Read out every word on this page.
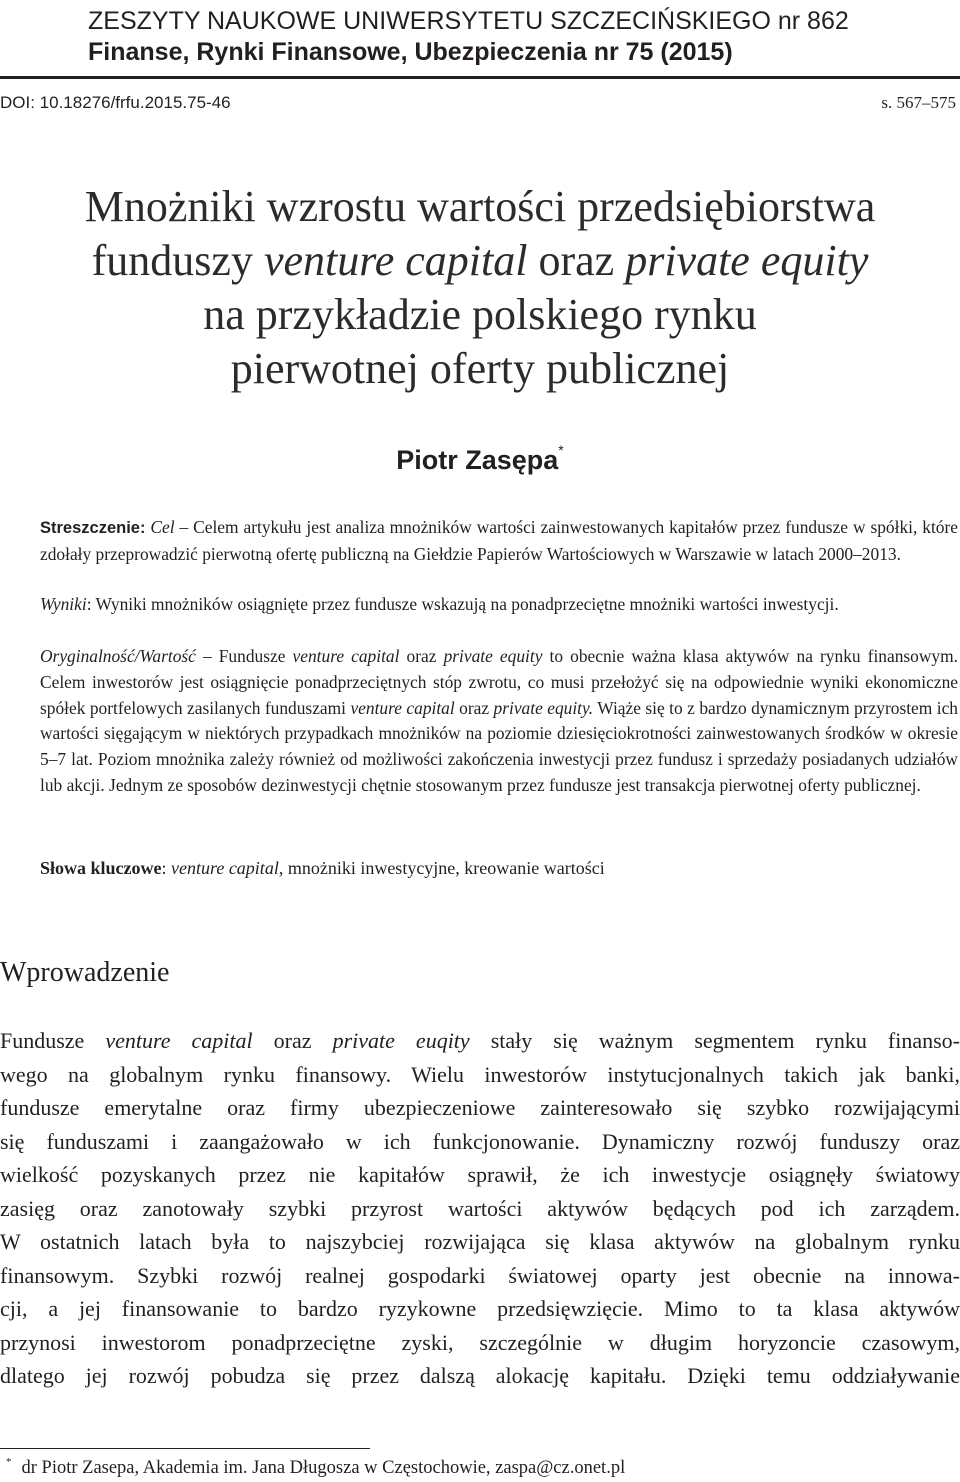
ZESZYTY NAUKOWE UNIWERSYTETU SZCZECIŃSKIEGO nr 862
Finanse, Rynki Finansowe, Ubezpieczenia nr 75 (2015)
DOI: 10.18276/frfu.2015.75-46	s. 567–575
Mnożniki wzrostu wartości przedsiębiorstwa
funduszy venture capital oraz private equity
na przykładzie polskiego rynku
pierwotnej oferty publicznej
Piotr Zasępa*
Streszczenie: Cel – Celem artykułu jest analiza mnożników wartości zainwestowanych kapitałów przez fundusze w spółki, które zdołały przeprowadzić pierwotną ofertę publiczną na Giełdzie Papierów Wartościowych w Warszawie w latach 2000–2013.
Wyniki: Wyniki mnożników osiągnięte przez fundusze wskazują na ponadprzeciętne mnożniki wartości inwestycji.
Oryginalność/Wartość – Fundusze venture capital oraz private equity to obecnie ważna klasa aktywów na rynku finansowym. Celem inwestorów jest osiągnięcie ponadprzeciętnych stóp zwrotu, co musi przełożyć się na odpowiednie wyniki ekonomiczne spółek portfelowych zasilanych funduszami venture capital oraz private equity. Wiąże się to z bardzo dynamicznym przyrostem ich wartości sięgającym w niektórych przypadkach mnożników na poziomie dziesięciokrotności zainwestowanych środków w okresie 5–7 lat. Poziom mnożnika zależy również od możliwości zakończenia inwestycji przez fundusz i sprzedaży posiadanych udziałów lub akcji. Jednym ze sposobów dezinwestycji chętnie stosowanym przez fundusze jest transakcja pierwotnej oferty publicznej.
Słowa kluczowe: venture capital, mnożniki inwestycyjne, kreowanie wartości
Wprowadzenie
Fundusze venture capital oraz private euqity stały się ważnym segmentem rynku finanso-
wego na globalnym rynku finansowy. Wielu inwestorów instytucjonalnych takich jak banki,
fundusze emerytalne oraz firmy ubezpieczeniowe zainteresowało się szybko rozwijającymi
się funduszami i zaangażowało w ich funkcjonowanie. Dynamiczny rozwój funduszy oraz
wielkość pozyskanych przez nie kapitałów sprawił, że ich inwestycje osiągnęły światowy
zasięg oraz zanotowały szybki przyrost wartości aktywów będących pod ich zarządem.
W ostatnich latach była to najszybciej rozwijająca się klasa aktywów na globalnym rynku
finansowym. Szybki rozwój realnej gospodarki światowej oparty jest obecnie na innowa-
cji, a jej finansowanie to bardzo ryzykowne przedsięwzięcie. Mimo to ta klasa aktywów
przynosi inwestorom ponadprzeciętne zyski, szczególnie w długim horyzoncie czasowym,
dlatego jej rozwój pobudza się przez dalszą alokację kapitału. Dzięki temu oddziaływanie
* dr Piotr Zasepa, Akademia im. Jana Długosza w Częstochowie, zaspa@cz.onet.pl
